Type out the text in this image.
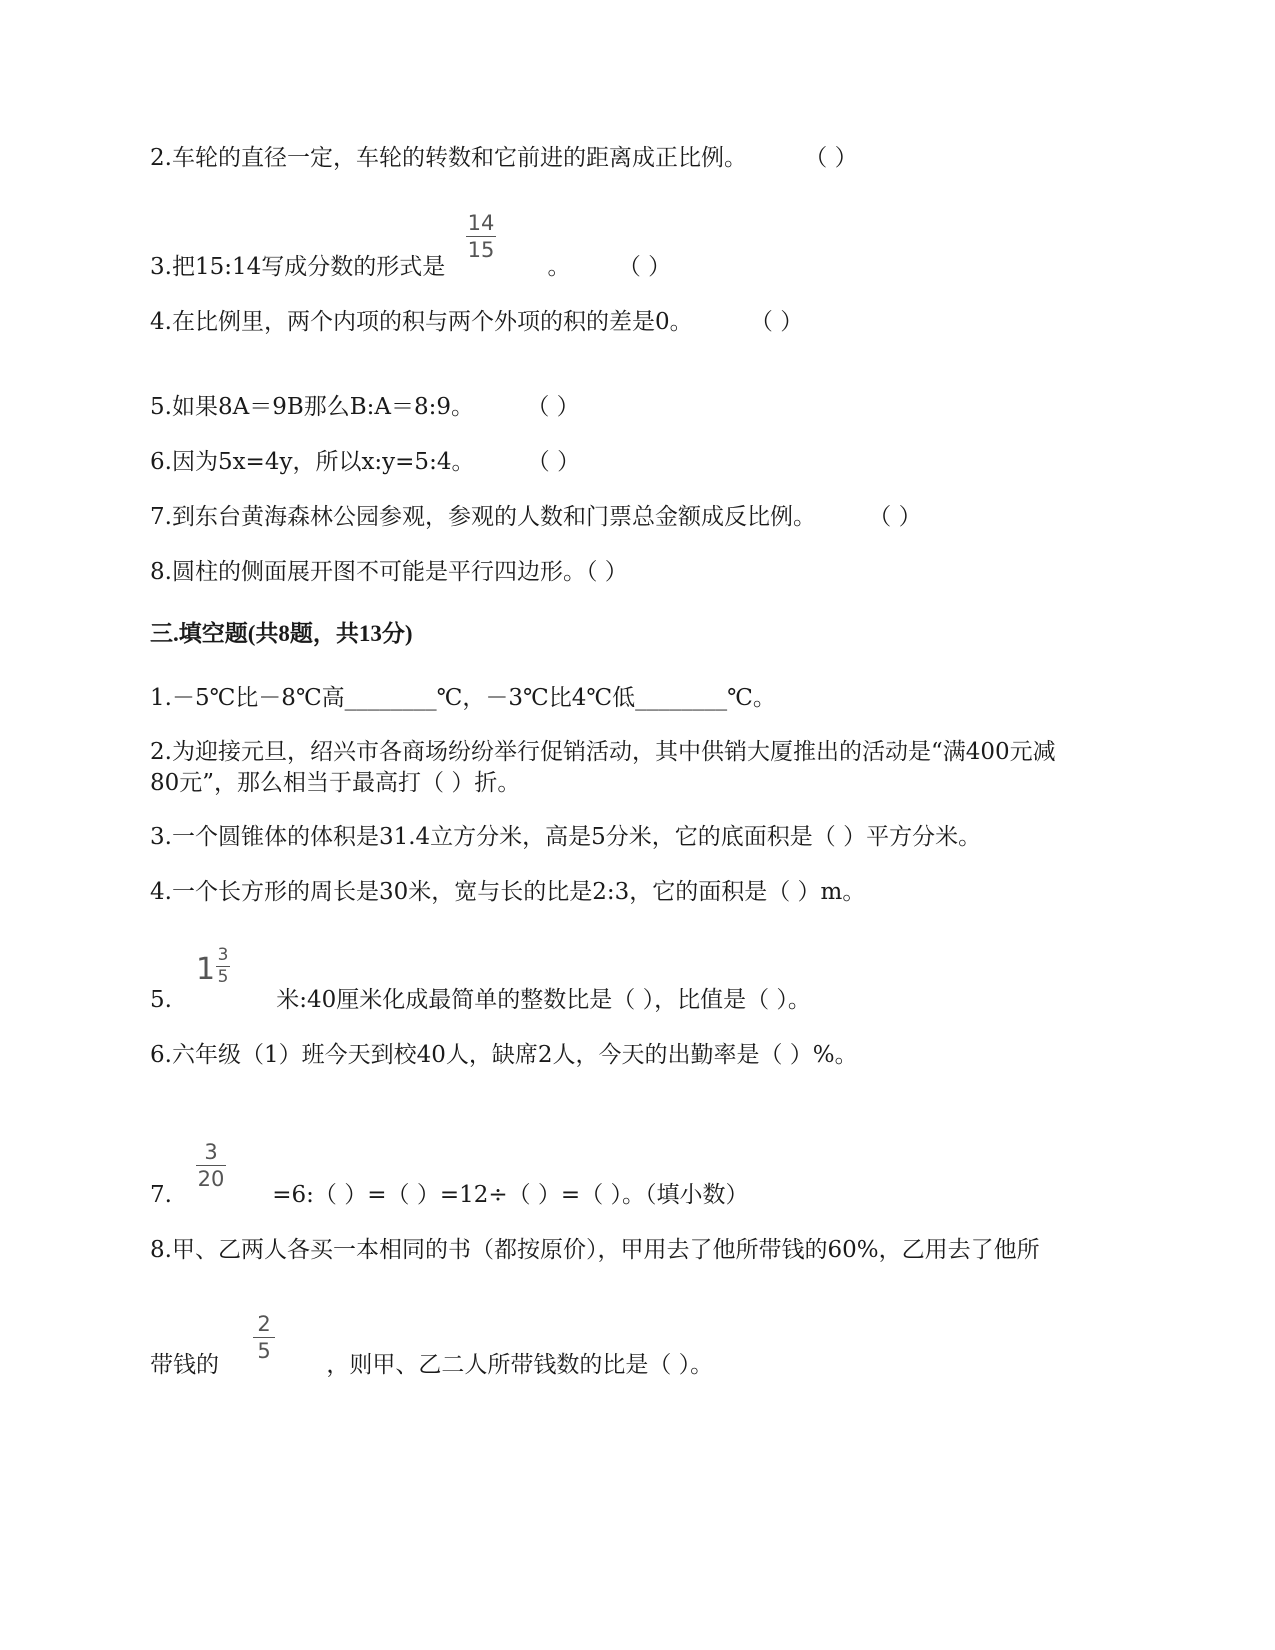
2.车轮的直径一定，车轮的转数和它前进的距离成正比例。 （ ）
14
15
3.把15:14写成分数的形式是	。 （ ）
4.在比例里，两个内项的积与两个外项的积的差是0。 （ ）
5.如果8A＝9B那么B:A＝8:9。 （ ）
6.因为5x=4y，所以x:y=5:4。 （ ）
7.到东台黄海森林公园参观，参观的人数和门票总金额成反比例。 （ ）
8.圆柱的侧面展开图不可能是平行四边形。（ ）
三.填空题(共8题，共13分)
1.－5℃比－8℃高________℃，－3℃比4℃低________℃。
2.为迎接元旦，绍兴市各商场纷纷举行促销活动，其中供销大厦推出的活动是“满400元减
80元”，那么相当于最高打（ ）折。
3.一个圆锥体的体积是31.4立方分米，高是5分米，它的底面积是（ ）平方分米。
4.一个长方形的周长是30米，宽与长的比是2:3，它的面积是（ ）m。
1 3
5
5.	米:40厘米化成最简单的整数比是（ ），比值是（ ）。
6.六年级（1）班今天到校40人，缺席2人，今天的出勤率是（ ）%。
3
20
7.	=6:（ ）=（ ）=12÷（ ）=（ ）。（填小数）
8.甲、乙两人各买一本相同的书（都按原价），甲用去了他所带钱的60%，乙用去了他所
2
5
带钱的	，则甲、乙二人所带钱数的比是（ ）。
